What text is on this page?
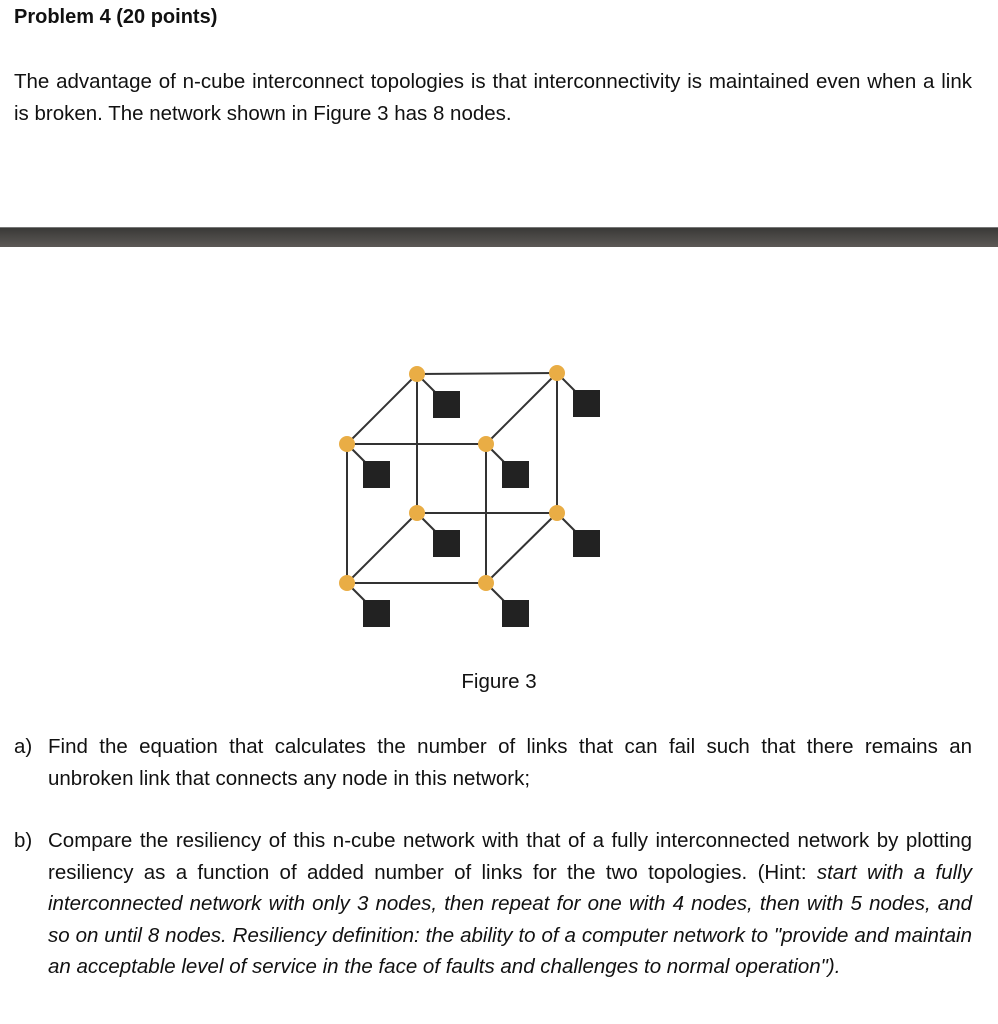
Problem 4 (20 points)
The advantage of n-cube interconnect topologies is that interconnectivity is maintained even when a link is broken. The network shown in Figure 3 has 8 nodes.
Figure 3
a) Find the equation that calculates the number of links that can fail such that there remains an unbroken link that connects any node in this network;
b) Compare the resiliency of this n-cube network with that of a fully interconnected network by plotting resiliency as a function of added number of links for the two topologies. (Hint: start with a fully interconnected network with only 3 nodes, then repeat for one with 4 nodes, then with 5 nodes, and so on until 8 nodes. Resiliency definition: the ability to of a computer network to "provide and maintain an acceptable level of service in the face of faults and challenges to normal operation").
